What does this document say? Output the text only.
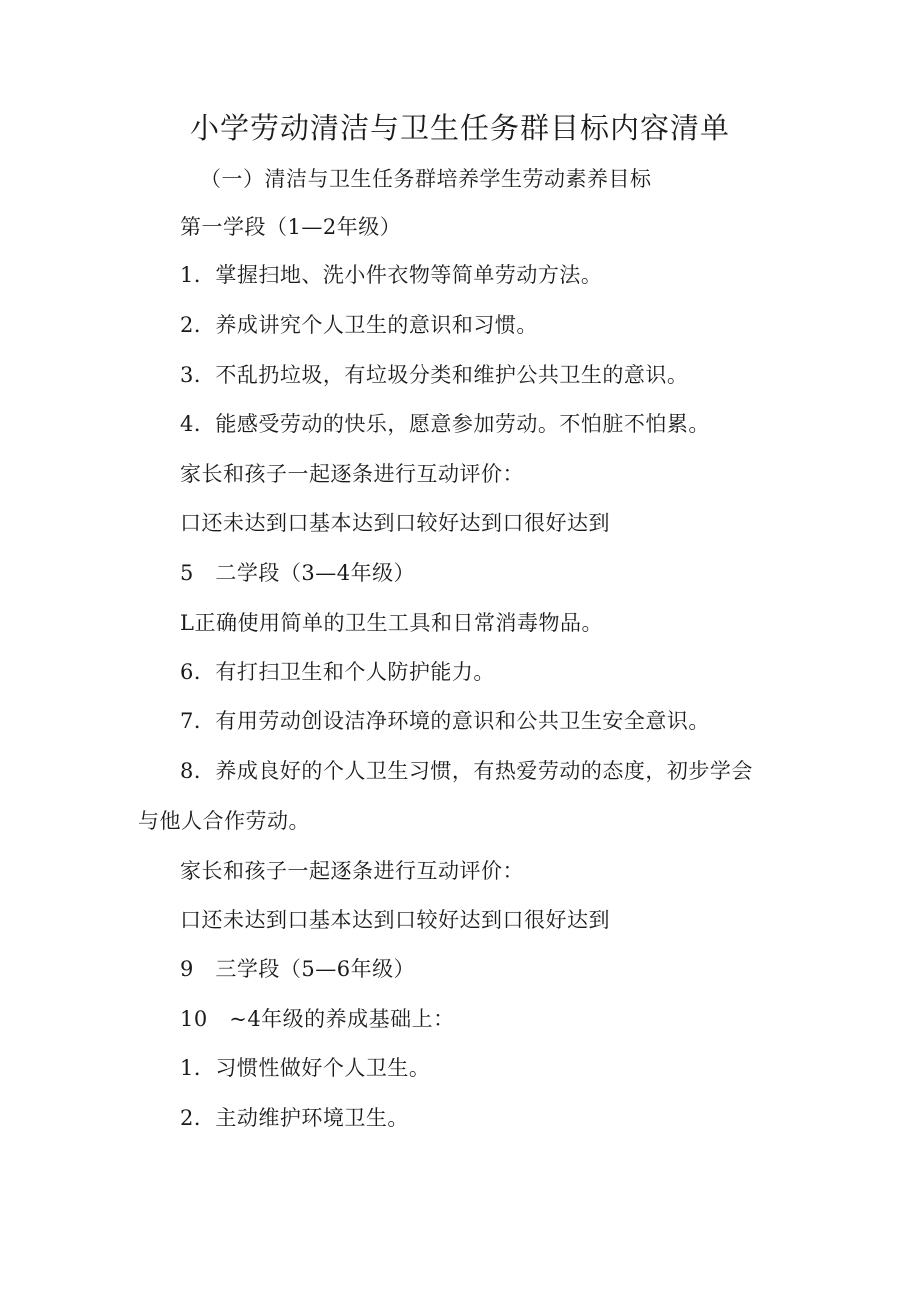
小学劳动清洁与卫生任务群目标内容清单
（一）清洁与卫生任务群培养学生劳动素养目标
第一学段（1—2年级）
1．掌握扫地、洗小件衣物等简单劳动方法。
2．养成讲究个人卫生的意识和习惯。
3．不乱扔垃圾，有垃圾分类和维护公共卫生的意识。
4．能感受劳动的快乐，愿意参加劳动。不怕脏不怕累。
家长和孩子一起逐条进行互动评价：
口还未达到口基本达到口较好达到口很好达到
5　二学段（3—4年级）
L正确使用简单的卫生工具和日常消毒物品。
6．有打扫卫生和个人防护能力。
7．有用劳动创设洁净环境的意识和公共卫生安全意识。
8．养成良好的个人卫生习惯，有热爱劳动的态度，初步学会
与他人合作劳动。
家长和孩子一起逐条进行互动评价：
口还未达到口基本达到口较好达到口很好达到
9　三学段（5—6年级）
10　~4年级的养成基础上：
1．习惯性做好个人卫生。
2．主动维护环境卫生。
